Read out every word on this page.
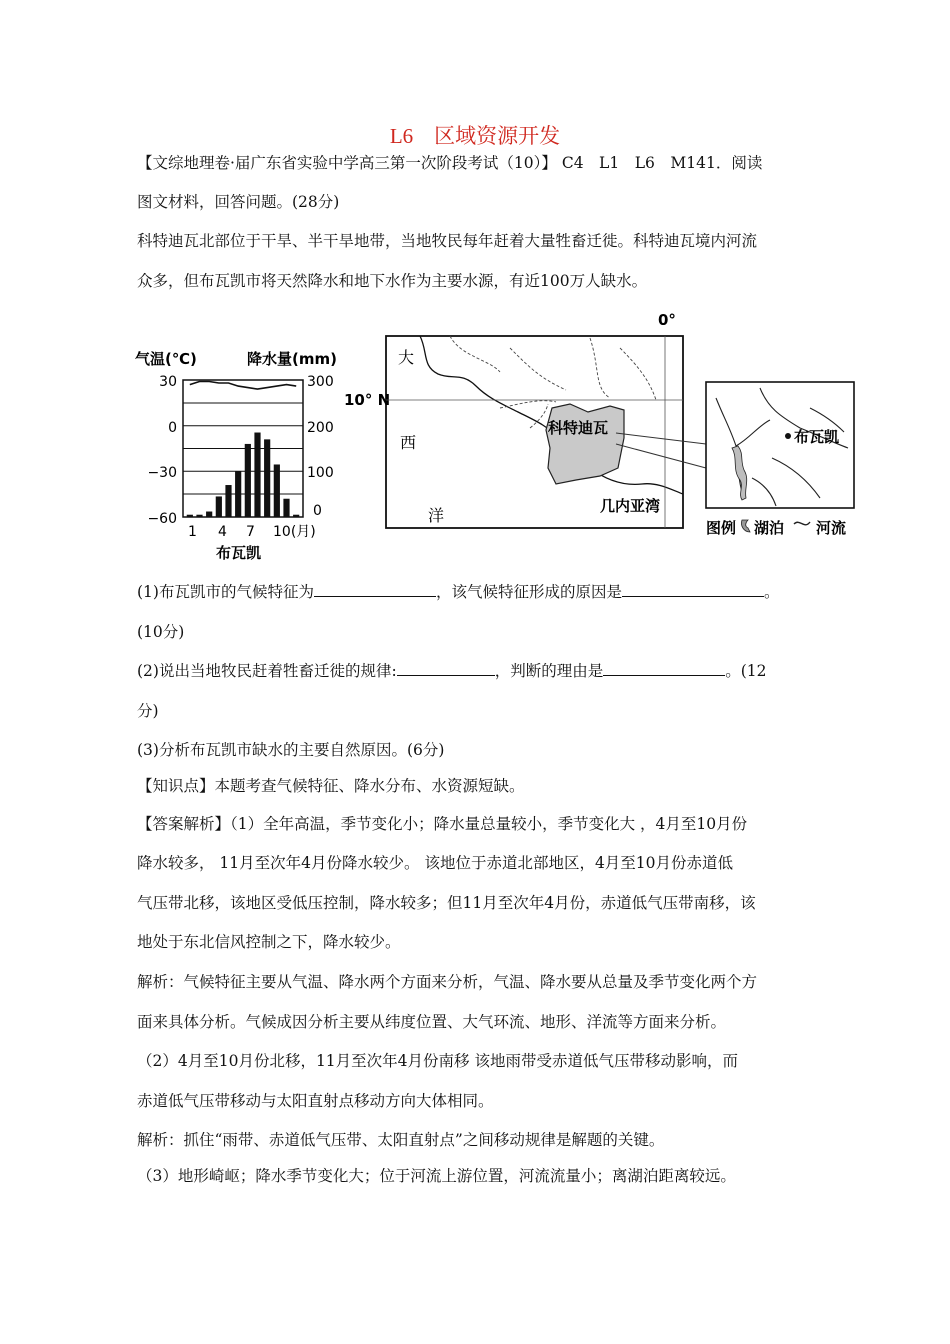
L6　区域资源开发
【文综地理卷·届广东省实验中学高三第一次阶段考试（10）】 C4　L1　L6　M141．阅读
图文材料，回答问题。(28分)
科特迪瓦北部位于干旱、半干旱地带，当地牧民每年赶着大量牲畜迁徙。科特迪瓦境内河流
众多，但布瓦凯市将天然降水和地下水作为主要水源，有近100万人缺水。
气温(℃)	降水量(mm)
30
0
−30
−60
300
200
100
0
1 4 7 10(月)
布瓦凯
0°
10° N
科特迪瓦
大
西
洋	几内亚湾
布瓦凯
图例 湖泊 河流
(1)布瓦凯市的气候特征为	，该气候特征形成的原因是	。
(10分)
(2)说出当地牧民赶着牲畜迁徙的规律:	，判断的理由是	。(12
分)
(3)分析布瓦凯市缺水的主要自然原因。(6分)
【知识点】本题考查气候特征、降水分布、水资源短缺。
【答案解析】（1）全年高温，季节变化小；降水量总量较小，季节变化大 ，4月至10月份
降水较多， 11月至次年4月份降水较少。 该地位于赤道北部地区，4月至10月份赤道低
气压带北移，该地区受低压控制，降水较多；但11月至次年4月份，赤道低气压带南移，该
地处于东北信风控制之下，降水较少。
解析：气候特征主要从气温、降水两个方面来分析，气温、降水要从总量及季节变化两个方
面来具体分析。气候成因分析主要从纬度位置、大气环流、地形、洋流等方面来分析。
（2）4月至10月份北移，11月至次年4月份南移 该地雨带受赤道低气压带移动影响，而
赤道低气压带移动与太阳直射点移动方向大体相同。
解析：抓住“雨带、赤道低气压带、太阳直射点”之间移动规律是解题的关键。
（3）地形崎岖；降水季节变化大；位于河流上游位置，河流流量小；离湖泊距离较远。
